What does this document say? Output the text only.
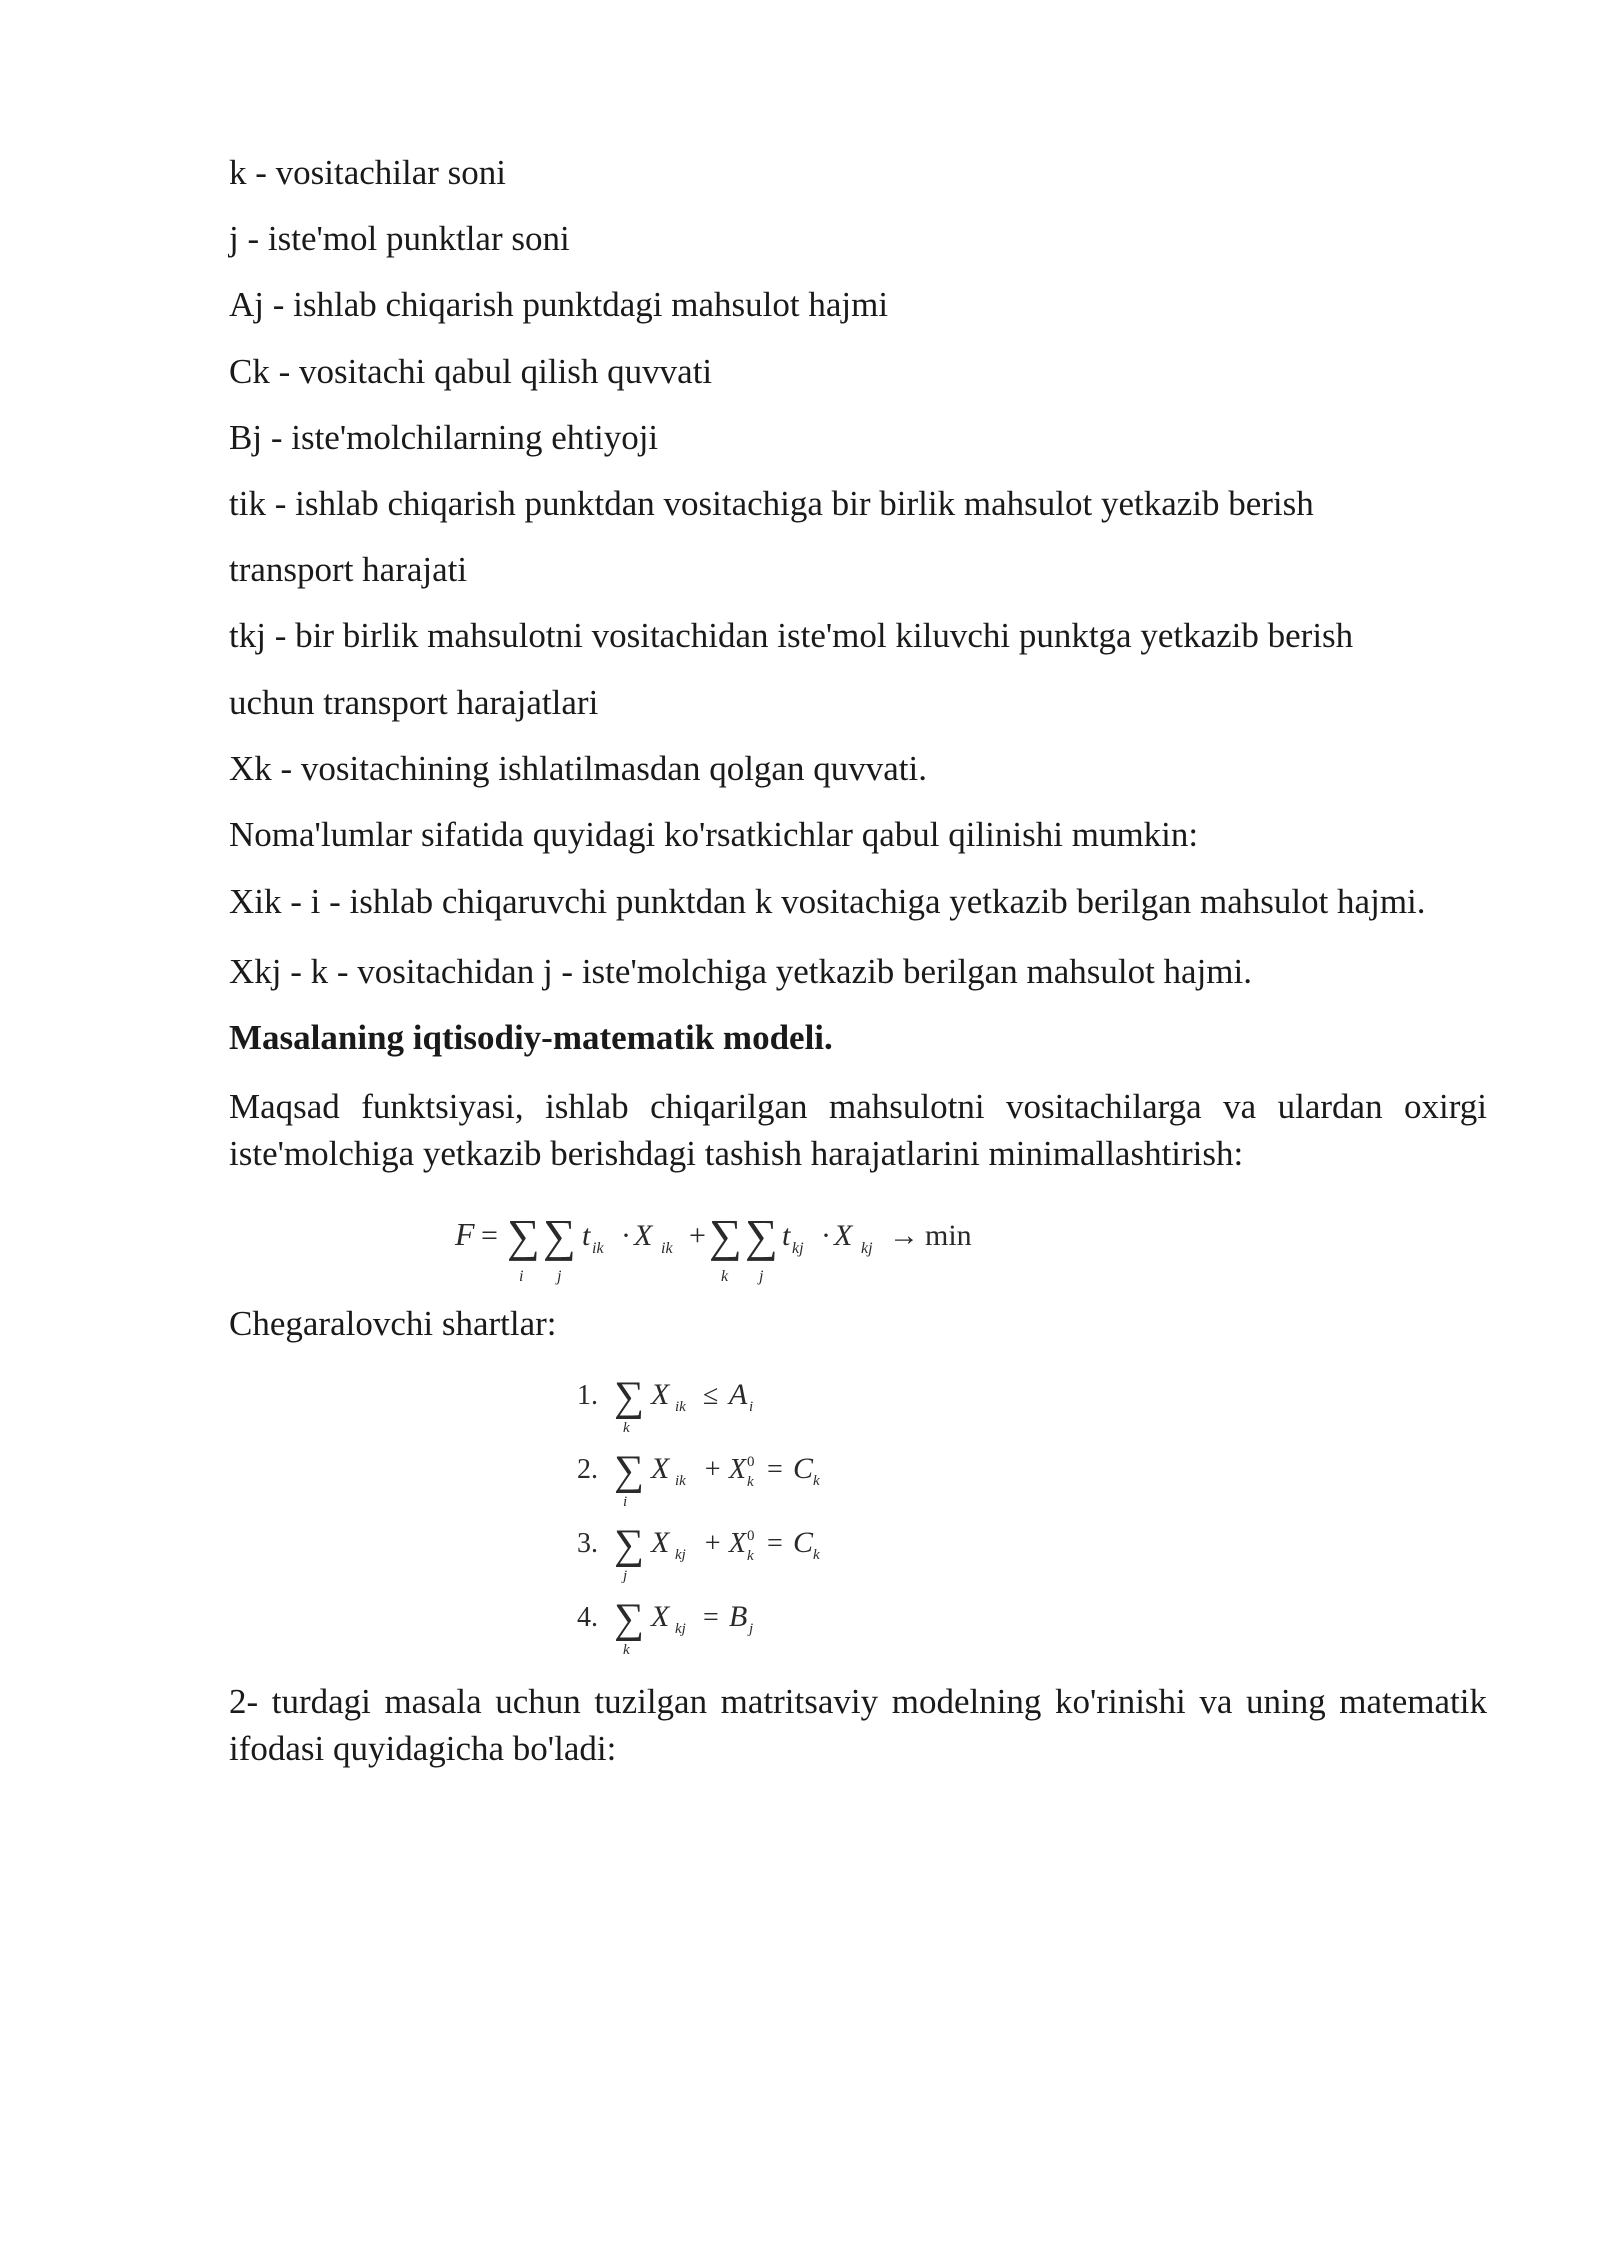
k - vositachilar soni

j - iste'mol punktlar soni

Aj - ishlab chiqarish punktdagi mahsulot hajmi

Ck - vositachi qabul qilish quvvati

Bj - iste'molchilarning ehtiyoji

tik - ishlab chiqarish punktdan vositachiga bir birlik mahsulot yetkazib berish

transport harajati

tkj - bir birlik mahsulotni vositachidan iste'mol kiluvchi punktga yetkazib berish

uchun transport harajatlari

Xk - vositachining ishlatilmasdan qolgan quvvati.

Noma'lumlar sifatida quyidagi ko'rsatkichlar qabul qilinishi mumkin:

Xik - i - ishlab chiqaruvchi punktdan k vositachiga yetkazib berilgan mahsulot hajmi.

Xkj - k - vositachidan j - iste'molchiga yetkazib berilgan mahsulot hajmi.

Masalaning iqtisodiy-matematik modeli.

Maqsad funktsiyasi, ishlab chiqarilgan mahsulotni vositachilarga va ulardan oxirgi iste'molchiga yetkazib berishdagi tashish harajatlarini minimallashtirish:

F = ∑
i
∑
j
t ik · X ik + ∑
k
∑
j
t kj · X kj → min

Chegaralovchi shartlar:

1. ∑
k
X ik ≤ A i
2. ∑
i
X ik + X 0
k = C k
3. ∑
j
X kj + X 0
k = C k
4. ∑
k
X kj = B j

2- turdagi masala uchun tuzilgan matritsaviy modelning ko'rinishi va uning matematik ifodasi quyidagicha bo'ladi:
